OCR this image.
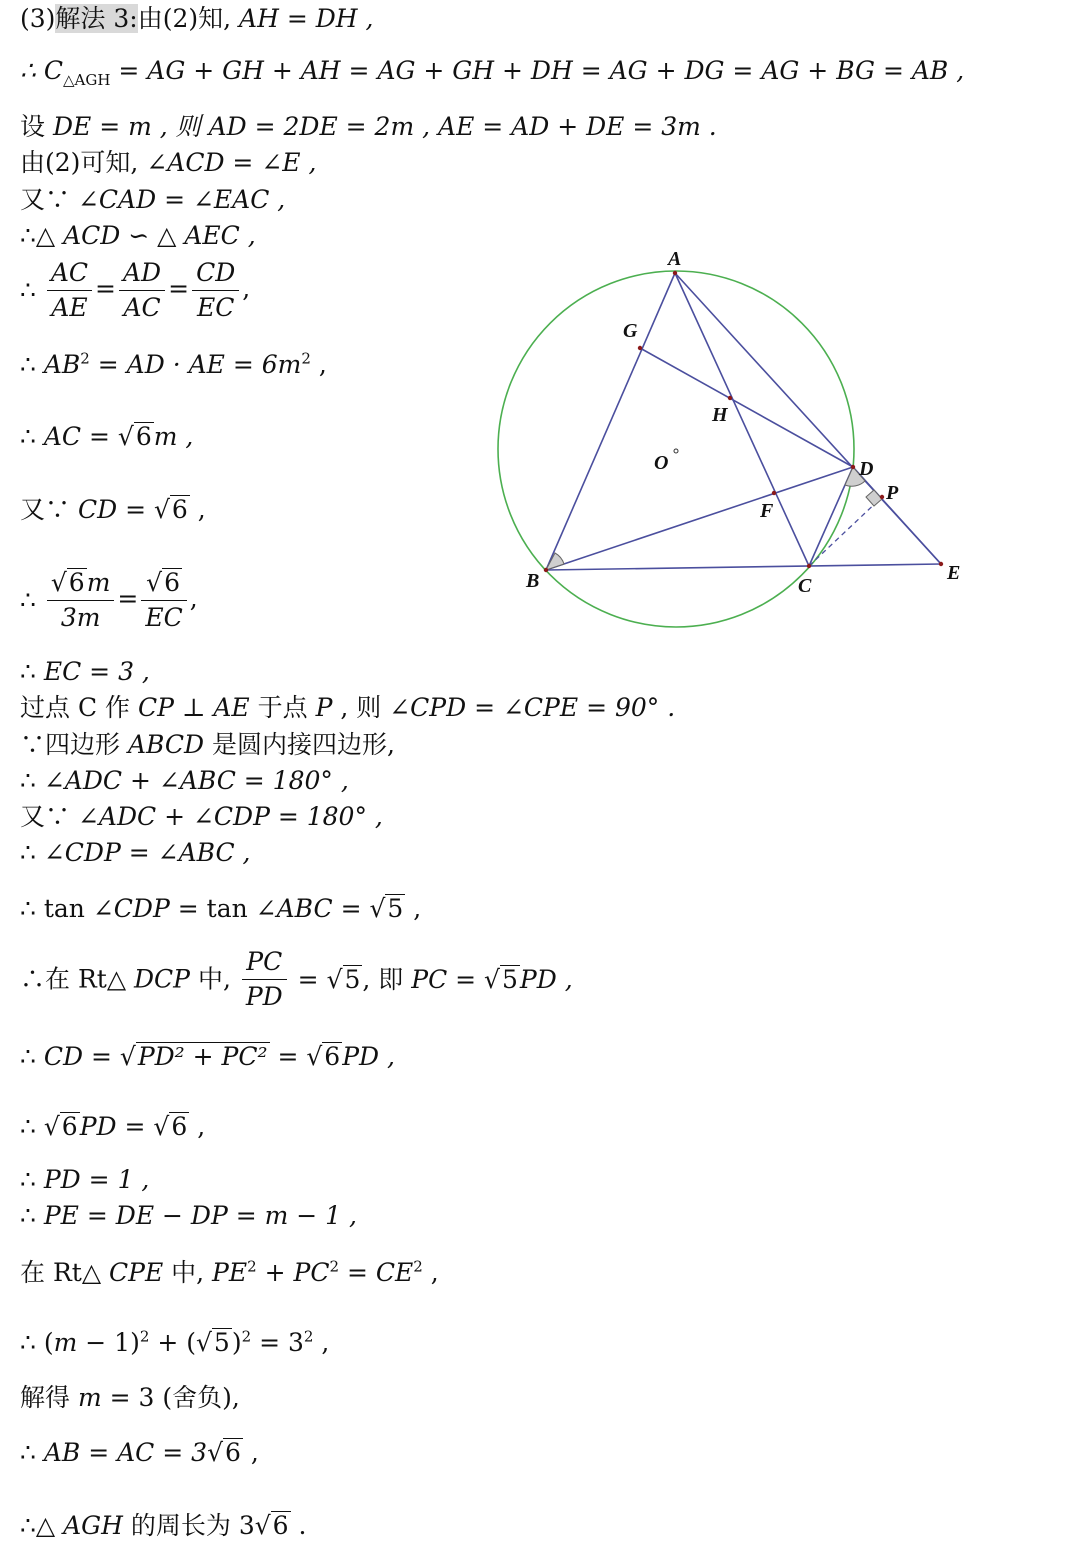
(3)解法 3:由(2)知, AH = DH ,
∴ $C_{\triangle AGH}$ = AG + GH + AH = AG + GH + DH = AG + DG = AG + BG = AB ,
设 DE = m , 则 AD = 2DE = 2m , AE = AD + DE = 3m .
由(2)可知, ∠ACD = ∠E ,
又∵ ∠CAD = ∠EAC ,
∴△ ACD ∽ △ AEC ,
∴ $\frac{AC}{AE} = \frac{AD}{AC} = \frac{CD}{EC}$ ,
∴ $AB^2$ = AD · AE = $6m^2$ ,
∴ AC = √6m ,
又∵ CD = √6 ,
∴ $\frac{√6m}{3m} = \frac{√6}{EC}$ ,
∴ EC = 3 ,
过点 C 作 CP ⊥ AE 于点 P , 则 ∠CPD = ∠CPE = 90° .
∵四边形 ABCD 是圆内接四边形,
∴ ∠ADC + ∠ABC = 180° ,
又∵ ∠ADC + ∠CDP = 180° ,
∴ ∠CDP = ∠ABC ,
∴ tan ∠CDP = tan ∠ABC = √5 ,
∴在 Rt△ DCP 中, $\frac{PC}{PD} = √5$, 即 PC = √5PD ,
∴ CD = √PD² + PC² = √6PD ,
∴ √6PD = √6 ,
∴ PD = 1 ,
∴ PE = DE − DP = m − 1 ,
在 Rt△ CPE 中, $PE^2 + PC^2 = CE^2$ ,
∴ $(m - 1)^2 + (√5)^2 = 3^2$ ,
解得 m = 3 (舍负),
∴ AB = AC = 3√6 ,
∴△ AGH 的周长为 3√6 .
A
G
H
O	D
P
F
B	C
E
